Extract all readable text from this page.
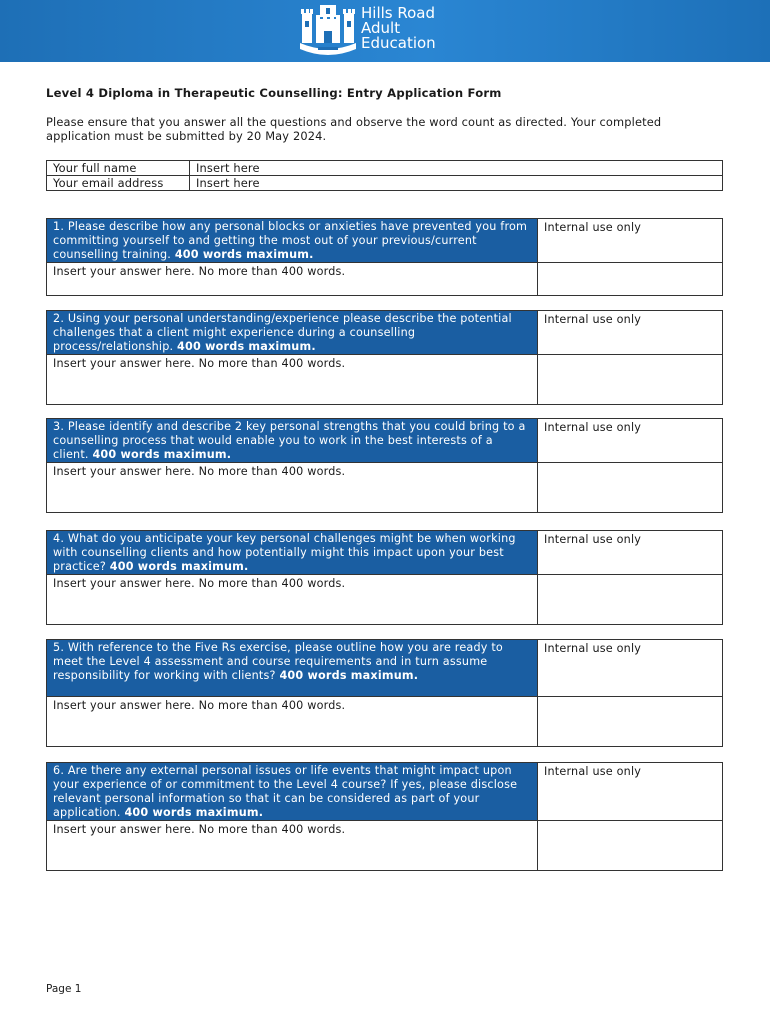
Hills Road
Adult
Education
Level 4 Diploma in Therapeutic Counselling: Entry Application Form
Please ensure that you answer all the questions and observe the word count as directed. Your completed application must be submitted by 20 May 2024.
Your full name	Insert here
Your email address	Insert here
1. Please describe how any personal blocks or anxieties have prevented you from committing yourself to and getting the most out of your previous/current counselling training. 400 words maximum.	Internal use only
Insert your answer here. No more than 400 words.	
2. Using your personal understanding/experience please describe the potential challenges that a client might experience during a counselling process/relationship. 400 words maximum.	Internal use only
Insert your answer here. No more than 400 words.	
3. Please identify and describe 2 key personal strengths that you could bring to a counselling process that would enable you to work in the best interests of a client. 400 words maximum.	Internal use only
Insert your answer here. No more than 400 words.	
4. What do you anticipate your key personal challenges might be when working with counselling clients and how potentially might this impact upon your best practice? 400 words maximum.	Internal use only
Insert your answer here. No more than 400 words.	
5. With reference to the Five Rs exercise, please outline how you are ready to meet the Level 4 assessment and course requirements and in turn assume responsibility for working with clients? 400 words maximum.	Internal use only
Insert your answer here. No more than 400 words.	
6. Are there any external personal issues or life events that might impact upon your experience of or commitment to the Level 4 course? If yes, please disclose relevant personal information so that it can be considered as part of your application. 400 words maximum.	Internal use only
Insert your answer here. No more than 400 words.	
Page 1
